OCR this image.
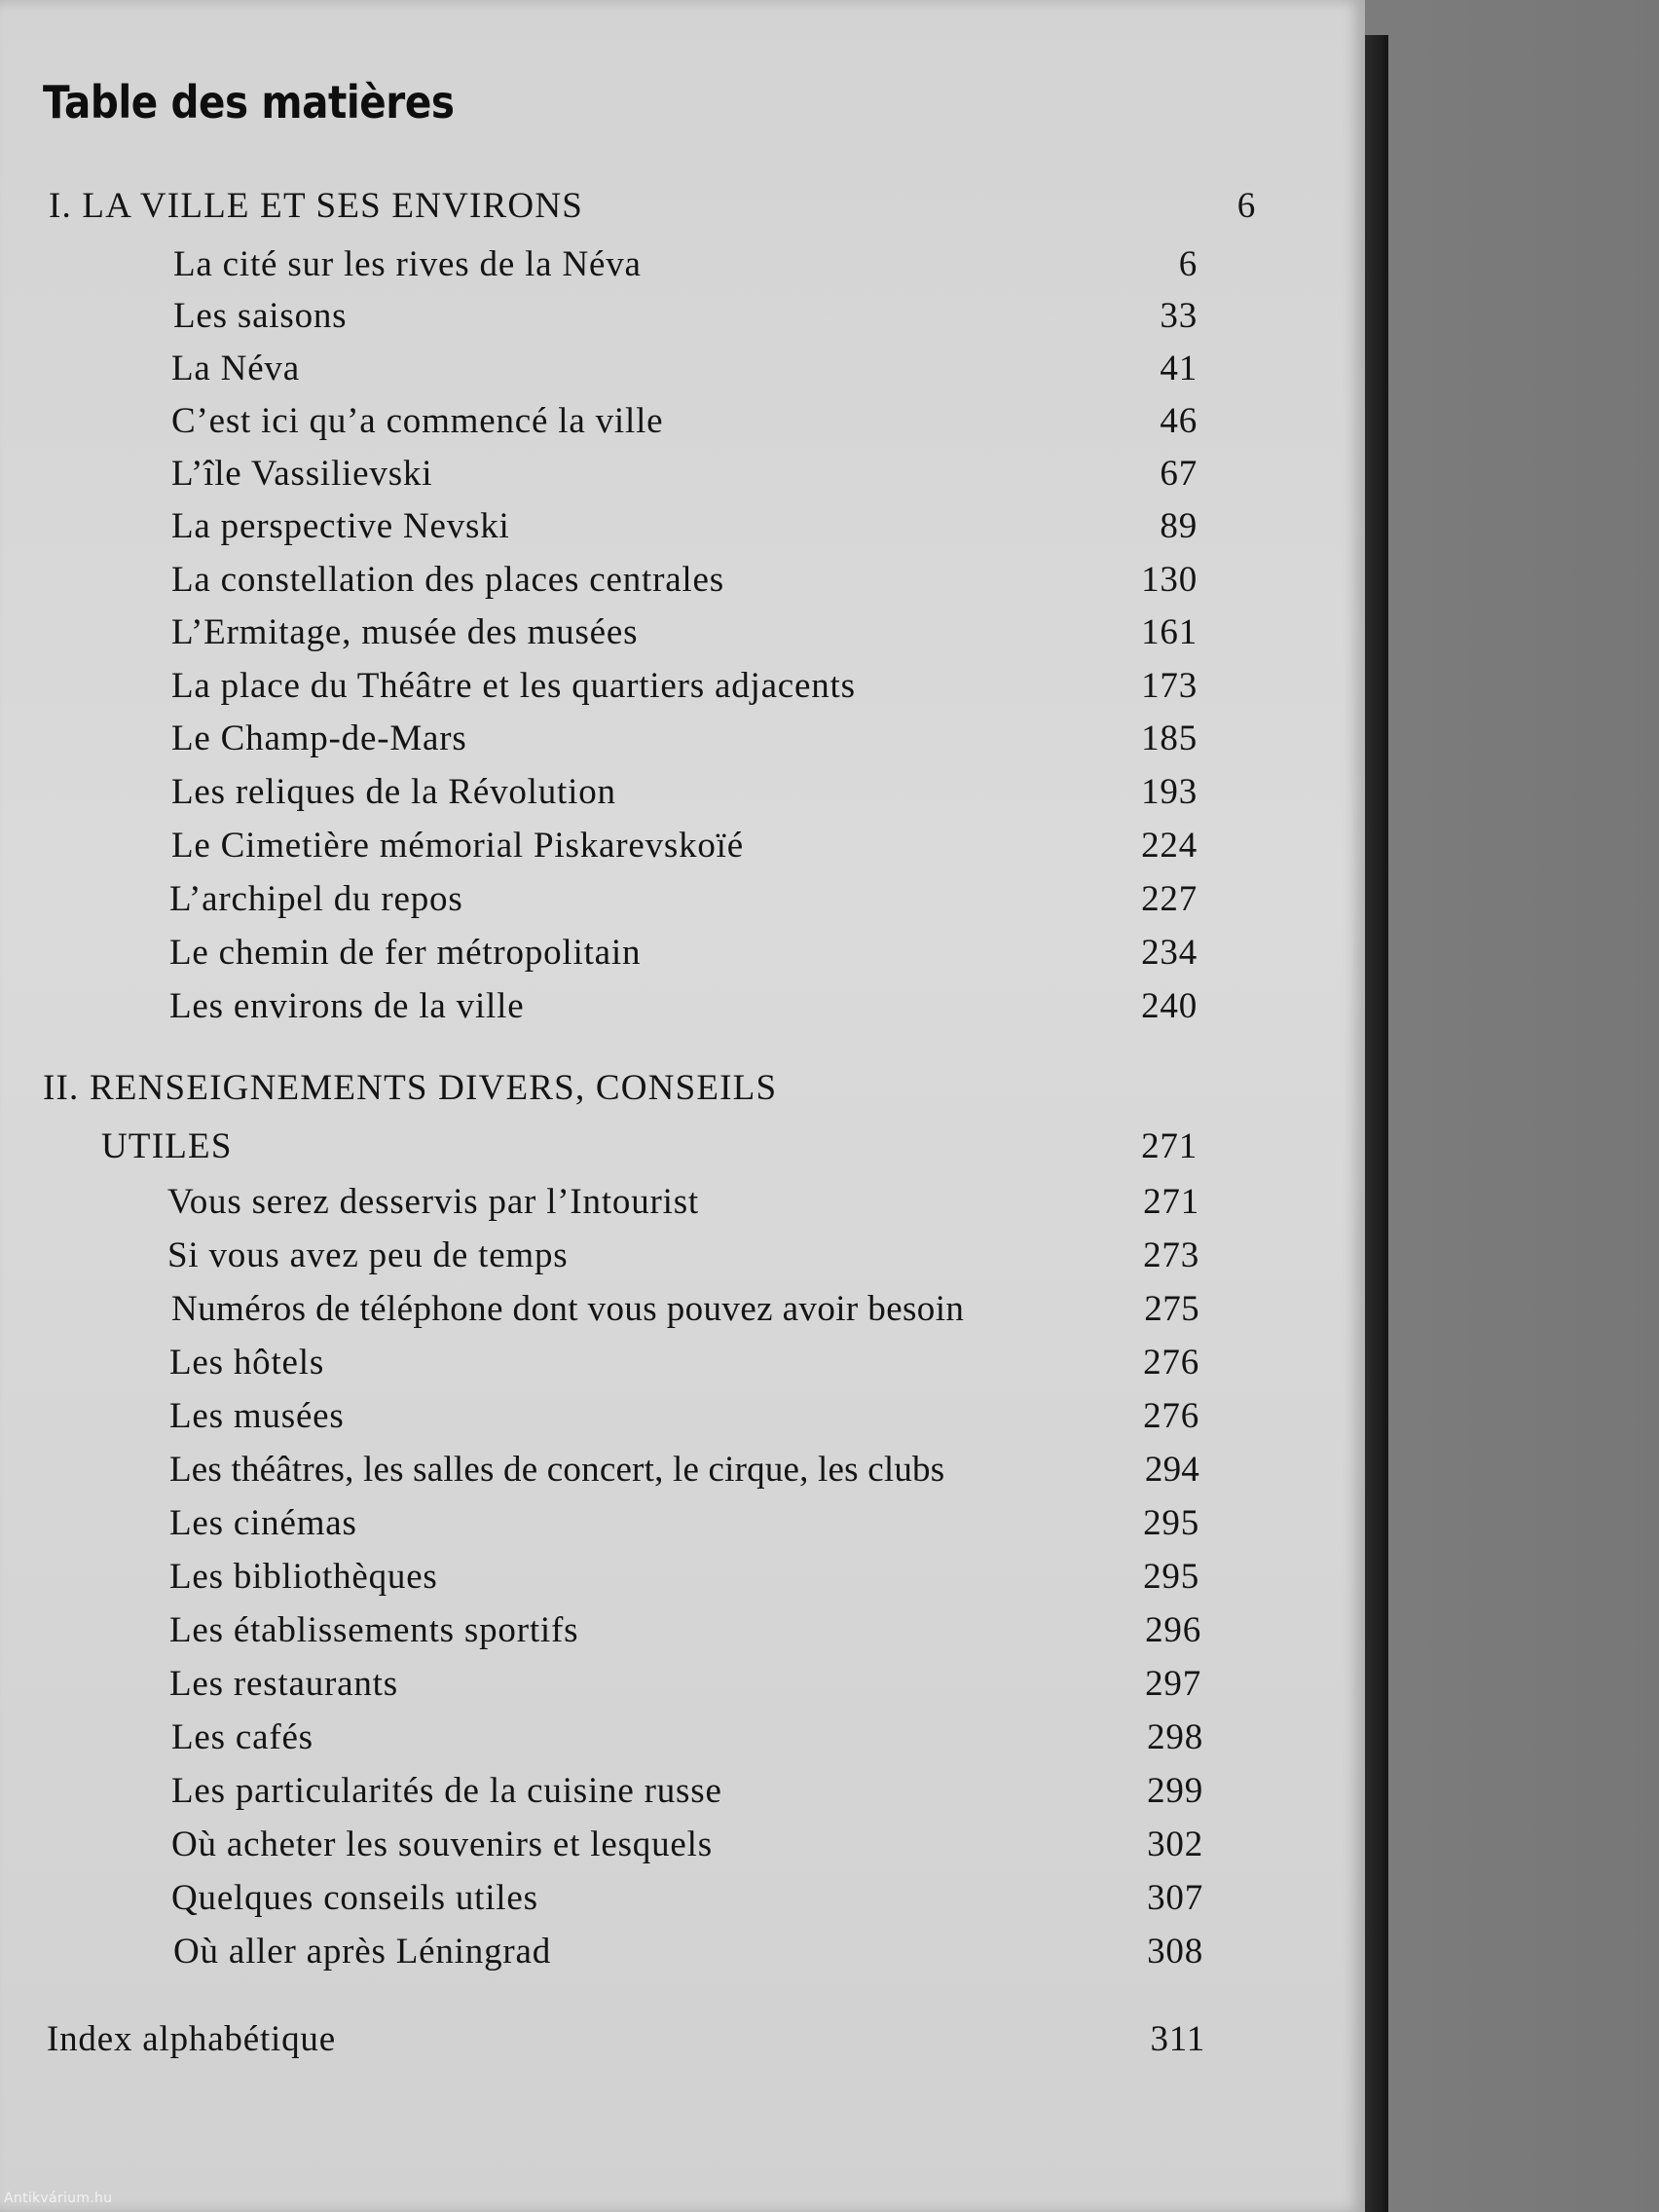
Table des matières
I. LA VILLE ET SES ENVIRONS	6
La cité sur les rives de la Néva	6
Les saisons	33
La Néva	41
C’est ici qu’a commencé la ville	46
L’île Vassilievski	67
La perspective Nevski	89
La constellation des places centrales	130
L’Ermitage, musée des musées	161
La place du Théâtre et les quartiers adjacents	173
Le Champ-de-Mars	185
Les reliques de la Révolution	193
Le Cimetière mémorial Piskarevskoïé	224
L’archipel du repos	227
Le chemin de fer métropolitain	234
Les environs de la ville	240
II. RENSEIGNEMENTS DIVERS, CONSEILS
UTILES	271
Vous serez desservis par l’Intourist	271
Si vous avez peu de temps	273
Numéros de téléphone dont vous pouvez avoir besoin	275
Les hôtels	276
Les musées	276
Les théâtres, les salles de concert, le cirque, les clubs	294
Les cinémas	295
Les bibliothèques	295
Les établissements sportifs	296
Les restaurants	297
Les cafés	298
Les particularités de la cuisine russe	299
Où acheter les souvenirs et lesquels	302
Quelques conseils utiles	307
Où aller après Léningrad	308
Index alphabétique	311
Antikvárium.hu
